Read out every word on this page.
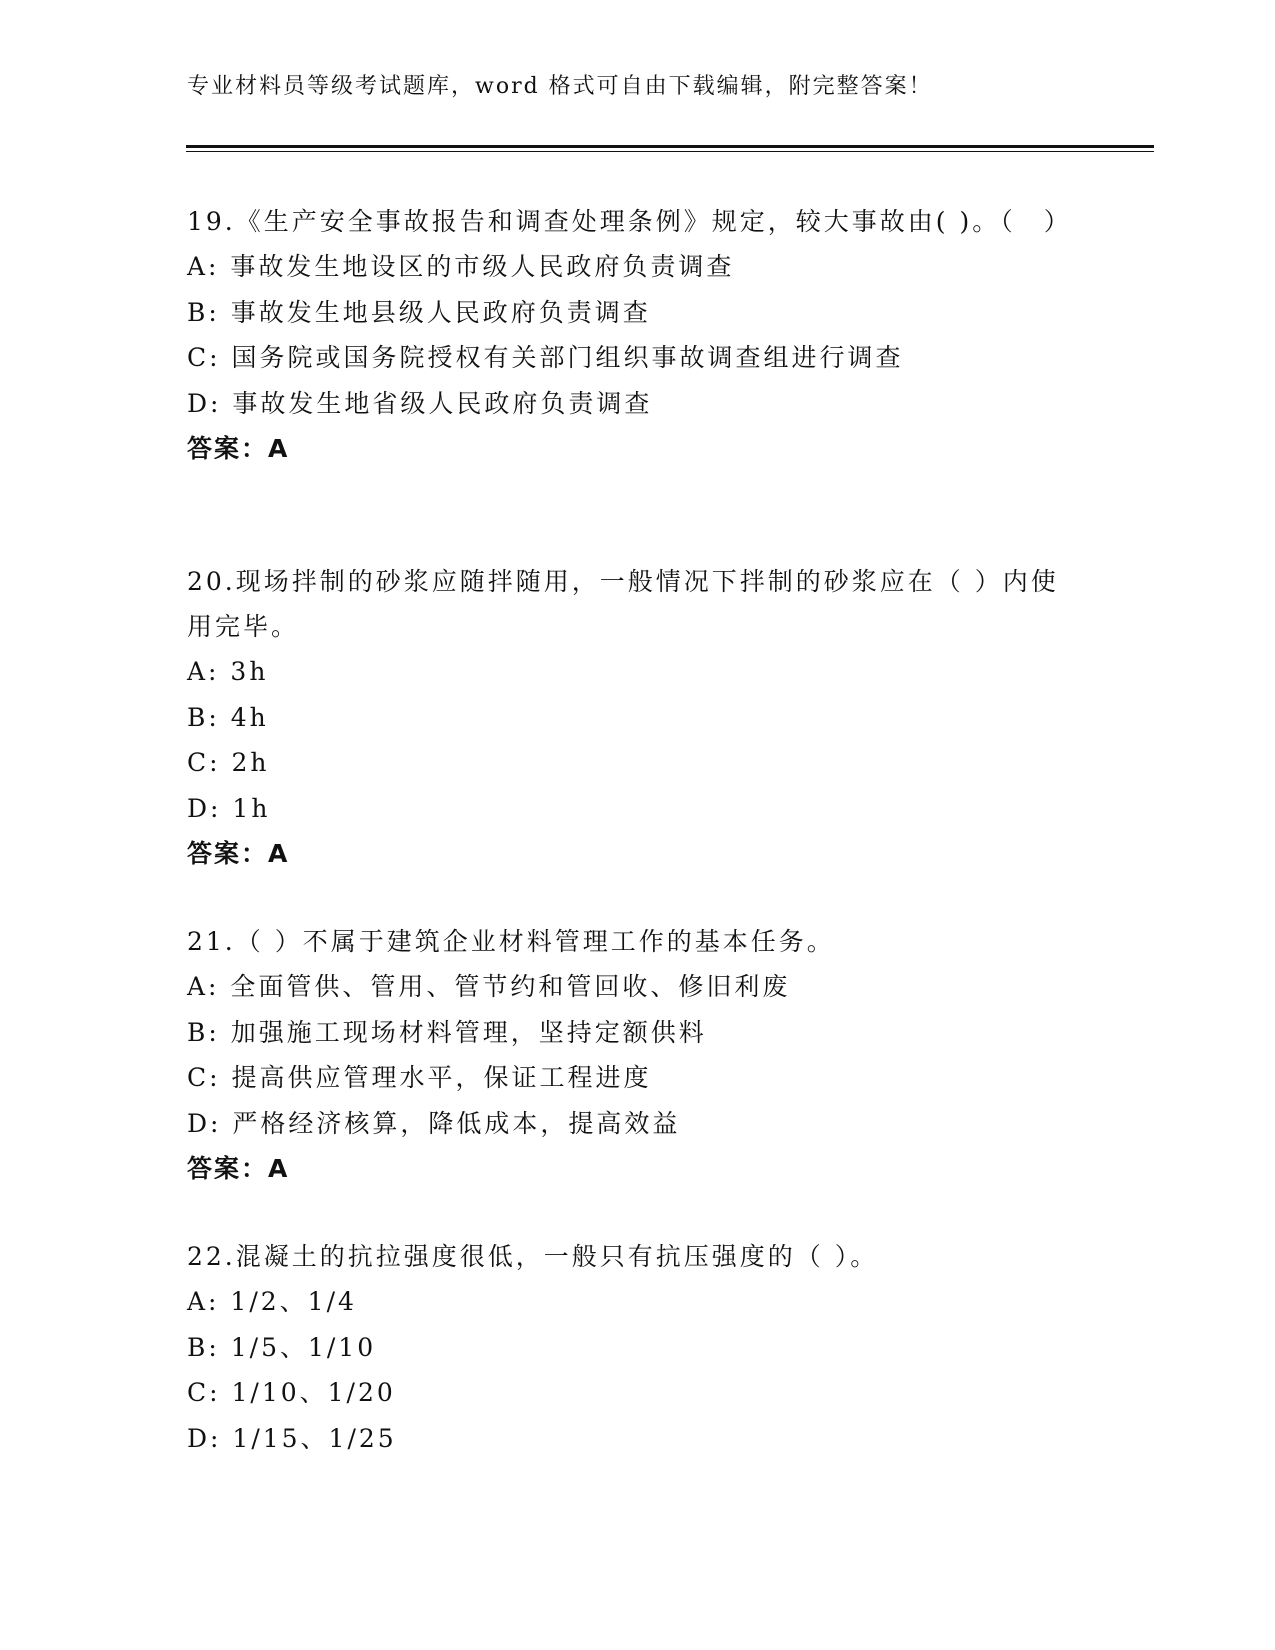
专业材料员等级考试题库，word 格式可自由下载编辑，附完整答案！
19.《生产安全事故报告和调查处理条例》规定，较大事故由( )。（　）
A: 事故发生地设区的市级人民政府负责调查
B: 事故发生地县级人民政府负责调查
C: 国务院或国务院授权有关部门组织事故调查组进行调查
D: 事故发生地省级人民政府负责调查
答案：A
20.现场拌制的砂浆应随拌随用，一般情况下拌制的砂浆应在（ ）内使用完毕。
A: 3h
B: 4h
C: 2h
D: 1h
答案：A
21.（ ）不属于建筑企业材料管理工作的基本任务。
A: 全面管供、管用、管节约和管回收、修旧利废
B: 加强施工现场材料管理，坚持定额供料
C: 提高供应管理水平，保证工程进度
D: 严格经济核算，降低成本，提高效益
答案：A
22.混凝土的抗拉强度很低，一般只有抗压强度的（ ）。
A: 1/2、1/4
B: 1/5、1/10
C: 1/10、1/20
D: 1/15、1/25
